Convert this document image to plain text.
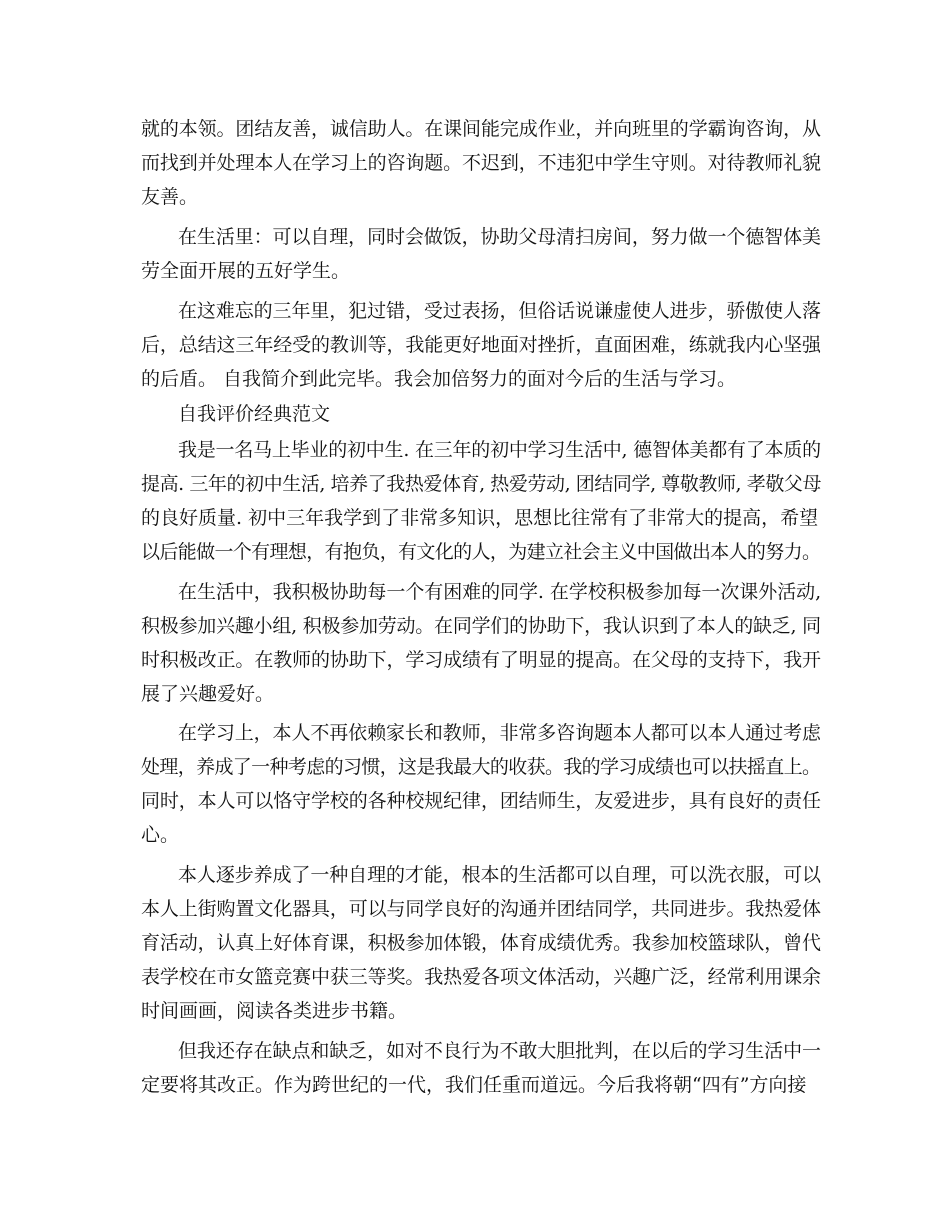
就的本领。团结友善，诚信助人。在课间能完成作业，并向班里的学霸询咨询，从
而找到并处理本人在学习上的咨询题。不迟到，不违犯中学生守则。对待教师礼貌
友善。
在生活里：可以自理，同时会做饭，协助父母清扫房间，努力做一个德智体美
劳全面开展的五好学生。
在这难忘的三年里，犯过错，受过表扬，但俗话说谦虚使人进步，骄傲使人落
后，总结这三年经受的教训等，我能更好地面对挫折，直面困难，练就我内心坚强
的后盾。 自我简介到此完毕。我会加倍努力的面对今后的生活与学习。
自我评价经典范文
我是一名马上毕业的初中生. 在三年的初中学习生活中, 德智体美都有了本质的
提高. 三年的初中生活, 培养了我热爱体育, 热爱劳动, 团结同学, 尊敬教师, 孝敬父母
的良好质量. 初中三年我学到了非常多知识，思想比往常有了非常大的提高，希望
以后能做一个有理想，有抱负，有文化的人，为建立社会主义中国做出本人的努力。
在生活中，我积极协助每一个有困难的同学. 在学校积极参加每一次课外活动,
积极参加兴趣小组, 积极参加劳动。在同学们的协助下，我认识到了本人的缺乏, 同
时积极改正。在教师的协助下，学习成绩有了明显的提高。在父母的支持下，我开
展了兴趣爱好。
在学习上，本人不再依赖家长和教师，非常多咨询题本人都可以本人通过考虑
处理，养成了一种考虑的习惯，这是我最大的收获。我的学习成绩也可以扶摇直上。
同时，本人可以恪守学校的各种校规纪律，团结师生，友爱进步，具有良好的责任
心。
本人逐步养成了一种自理的才能，根本的生活都可以自理，可以洗衣服，可以
本人上街购置文化器具，可以与同学良好的沟通并团结同学，共同进步。我热爱体
育活动，认真上好体育课，积极参加体锻，体育成绩优秀。我参加校篮球队，曾代
表学校在市女篮竞赛中获三等奖。我热爱各项文体活动，兴趣广泛，经常利用课余
时间画画，阅读各类进步书籍。
但我还存在缺点和缺乏，如对不良行为不敢大胆批判，在以后的学习生活中一
定要将其改正。作为跨世纪的一代，我们任重而道远。今后我将朝“四有”方向接
